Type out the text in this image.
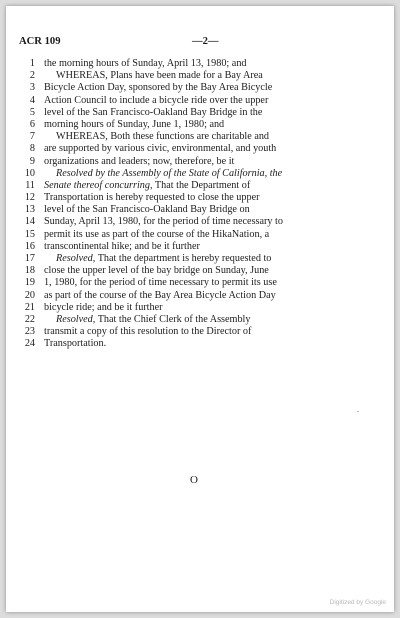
ACR 109	—2—
1 the morning hours of Sunday, April 13, 1980; and
2	WHEREAS, Plans have been made for a Bay Area
3 Bicycle Action Day, sponsored by the Bay Area Bicycle
4 Action Council to include a bicycle ride over the upper
5 level of the San Francisco-Oakland Bay Bridge in the
6 morning hours of Sunday, June 1, 1980; and
7	WHEREAS, Both these functions are charitable and
8 are supported by various civic, environmental, and youth
9 organizations and leaders; now, therefore, be it
10	Resolved by the Assembly of the State of California, the
11 Senate thereof concurring, That the Department of
12 Transportation is hereby requested to close the upper
13 level of the San Francisco-Oakland Bay Bridge on
14 Sunday, April 13, 1980, for the period of time necessary to
15 permit its use as part of the course of the HikaNation, a
16 transcontinental hike; and be it further
17	Resolved, That the department is hereby requested to
18 close the upper level of the bay bridge on Sunday, June
19 1, 1980, for the period of time necessary to permit its use
20 as part of the course of the Bay Area Bicycle Action Day
21 bicycle ride; and be it further
22	Resolved, That the Chief Clerk of the Assembly
23 transmit a copy of this resolution to the Director of
24 Transportation.
O
Digitized by Google
